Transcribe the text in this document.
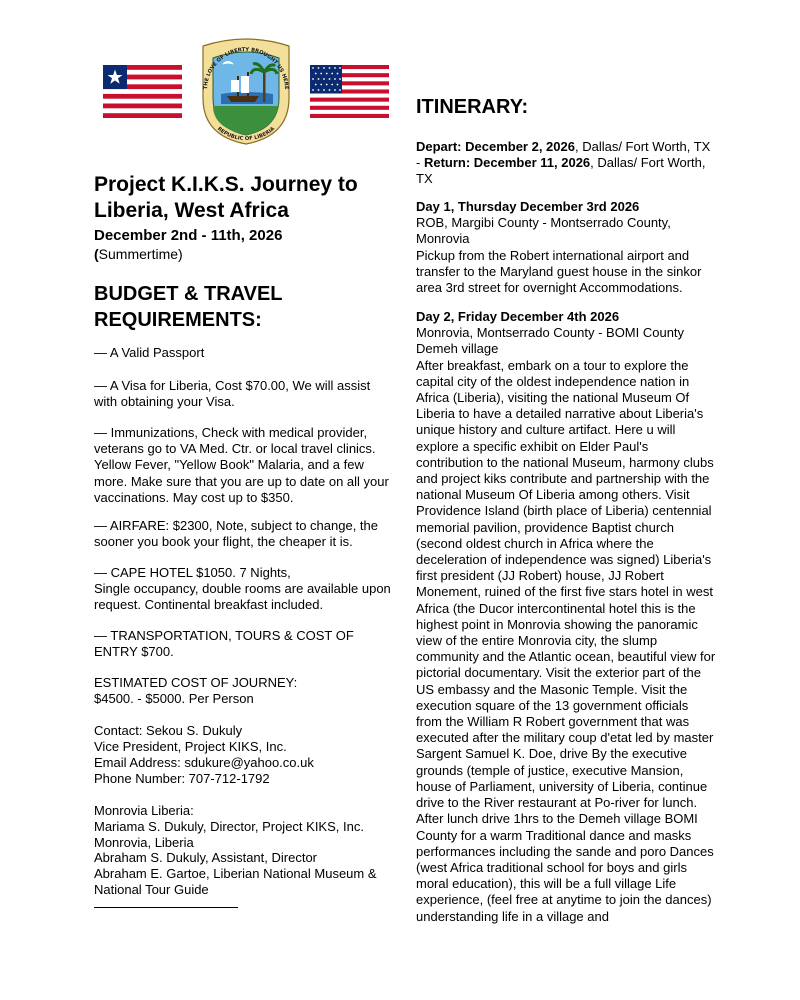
THE LOVE OF LIBERTY BROUGHT US HERE
REPUBLIC OF LIBERIA
Project K.I.K.S. Journey to Liberia, West Africa
December 2nd - 11th, 2026
(Summertime)
BUDGET & TRAVEL REQUIREMENTS:

— A Valid Passport

— A Visa for Liberia, Cost $70.00, We will assist with obtaining your Visa.

— Immunizations, Check with medical provider, veterans go to VA Med. Ctr. or local travel clinics. Yellow Fever, "Yellow Book" Malaria, and a few more. Make sure that you are up to date on all your vaccinations. May cost up to $350.

— AIRFARE: $2300, Note, subject to change, the sooner you book your flight, the cheaper it is.

— CAPE HOTEL $1050. 7 Nights,

Single occupancy, double rooms are available upon request. Continental breakfast included.

— TRANSPORTATION, TOURS & COST OF ENTRY $700.

ESTIMATED COST OF JOURNEY:

$4500. - $5000. Per Person

Contact: Sekou S. Dukuly

Vice President, Project KIKS, Inc.

Email Address: sdukure@yahoo.co.uk

Phone Number: 707-712-1792

Monrovia Liberia:

Mariama S. Dukuly, Director, Project KIKS, Inc. Monrovia, Liberia

Abraham S. Dukuly, Assistant, Director

Abraham E. Gartoe, Liberian National Museum & National Tour Guide

ITINERARY:
Depart: December 2, 2026, Dallas/ Fort Worth, TX - Return: December 11, 2026, Dallas/ Fort Worth, TX
Day 1, Thursday December 3rd 2026
ROB, Margibi County - Montserrado County, Monrovia
Pickup from the Robert international airport and transfer to the Maryland guest house in the sinkor area 3rd street for overnight Accommodations.
Day 2, Friday December 4th 2026
Monrovia, Montserrado County - BOMI County Demeh village
After breakfast, embark on a tour to explore the capital city of the oldest independence nation in Africa (Liberia), visiting the national Museum Of Liberia to have a detailed narrative about Liberia's unique history and culture artifact. Here u will explore a specific exhibit on Elder Paul's contribution to the national Museum, harmony clubs and project kiks contribute and partnership with the national Museum Of Liberia among others. Visit Providence Island (birth place of Liberia) centennial memorial pavilion, providence Baptist church (second oldest church in Africa where the deceleration of independence was signed) Liberia's first president (JJ Robert) house, JJ Robert Monement, ruined of the first five stars hotel in west Africa (the Ducor intercontinental hotel this is the highest point in Monrovia showing the panoramic view of the entire Monrovia city, the slump community and the Atlantic ocean, beautiful view for pictorial documentary. Visit the exterior part of the US embassy and the Masonic Temple. Visit the execution square of the 13 government officials from the William R Robert government that was executed after the military coup d'etat led by master Sargent Samuel K. Doe, drive By the executive grounds (temple of justice, executive Mansion, house of Parliament, university of Liberia, continue drive to the River restaurant at Po-river for lunch. After lunch drive 1hrs to the Demeh village BOMI County for a warm Traditional dance and masks performances including the sande and poro Dances (west Africa traditional school for boys and girls moral education), this will be a full village Life experience, (feel free at anytime to join the dances) understanding life in a village and
